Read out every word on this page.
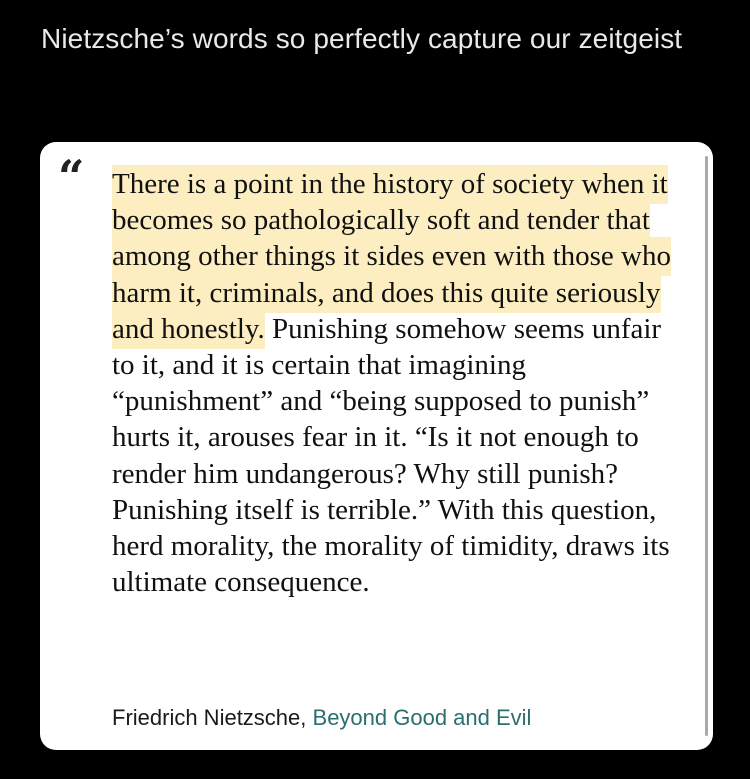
Nietzsche’s words so perfectly capture our zeitgeist
“ There is a point in the history of society when it becomes so pathologically soft and tender that among other things it sides even with those who harm it, criminals, and does this quite seriously and honestly. Punishing somehow seems unfair to it, and it is certain that imagining “punishment” and “being supposed to punish” hurts it, arouses fear in it. “Is it not enough to render him undangerous? Why still punish? Punishing itself is terrible.” With this question, herd morality, the morality of timidity, draws its ultimate consequence.

Friedrich Nietzsche, Beyond Good and Evil
